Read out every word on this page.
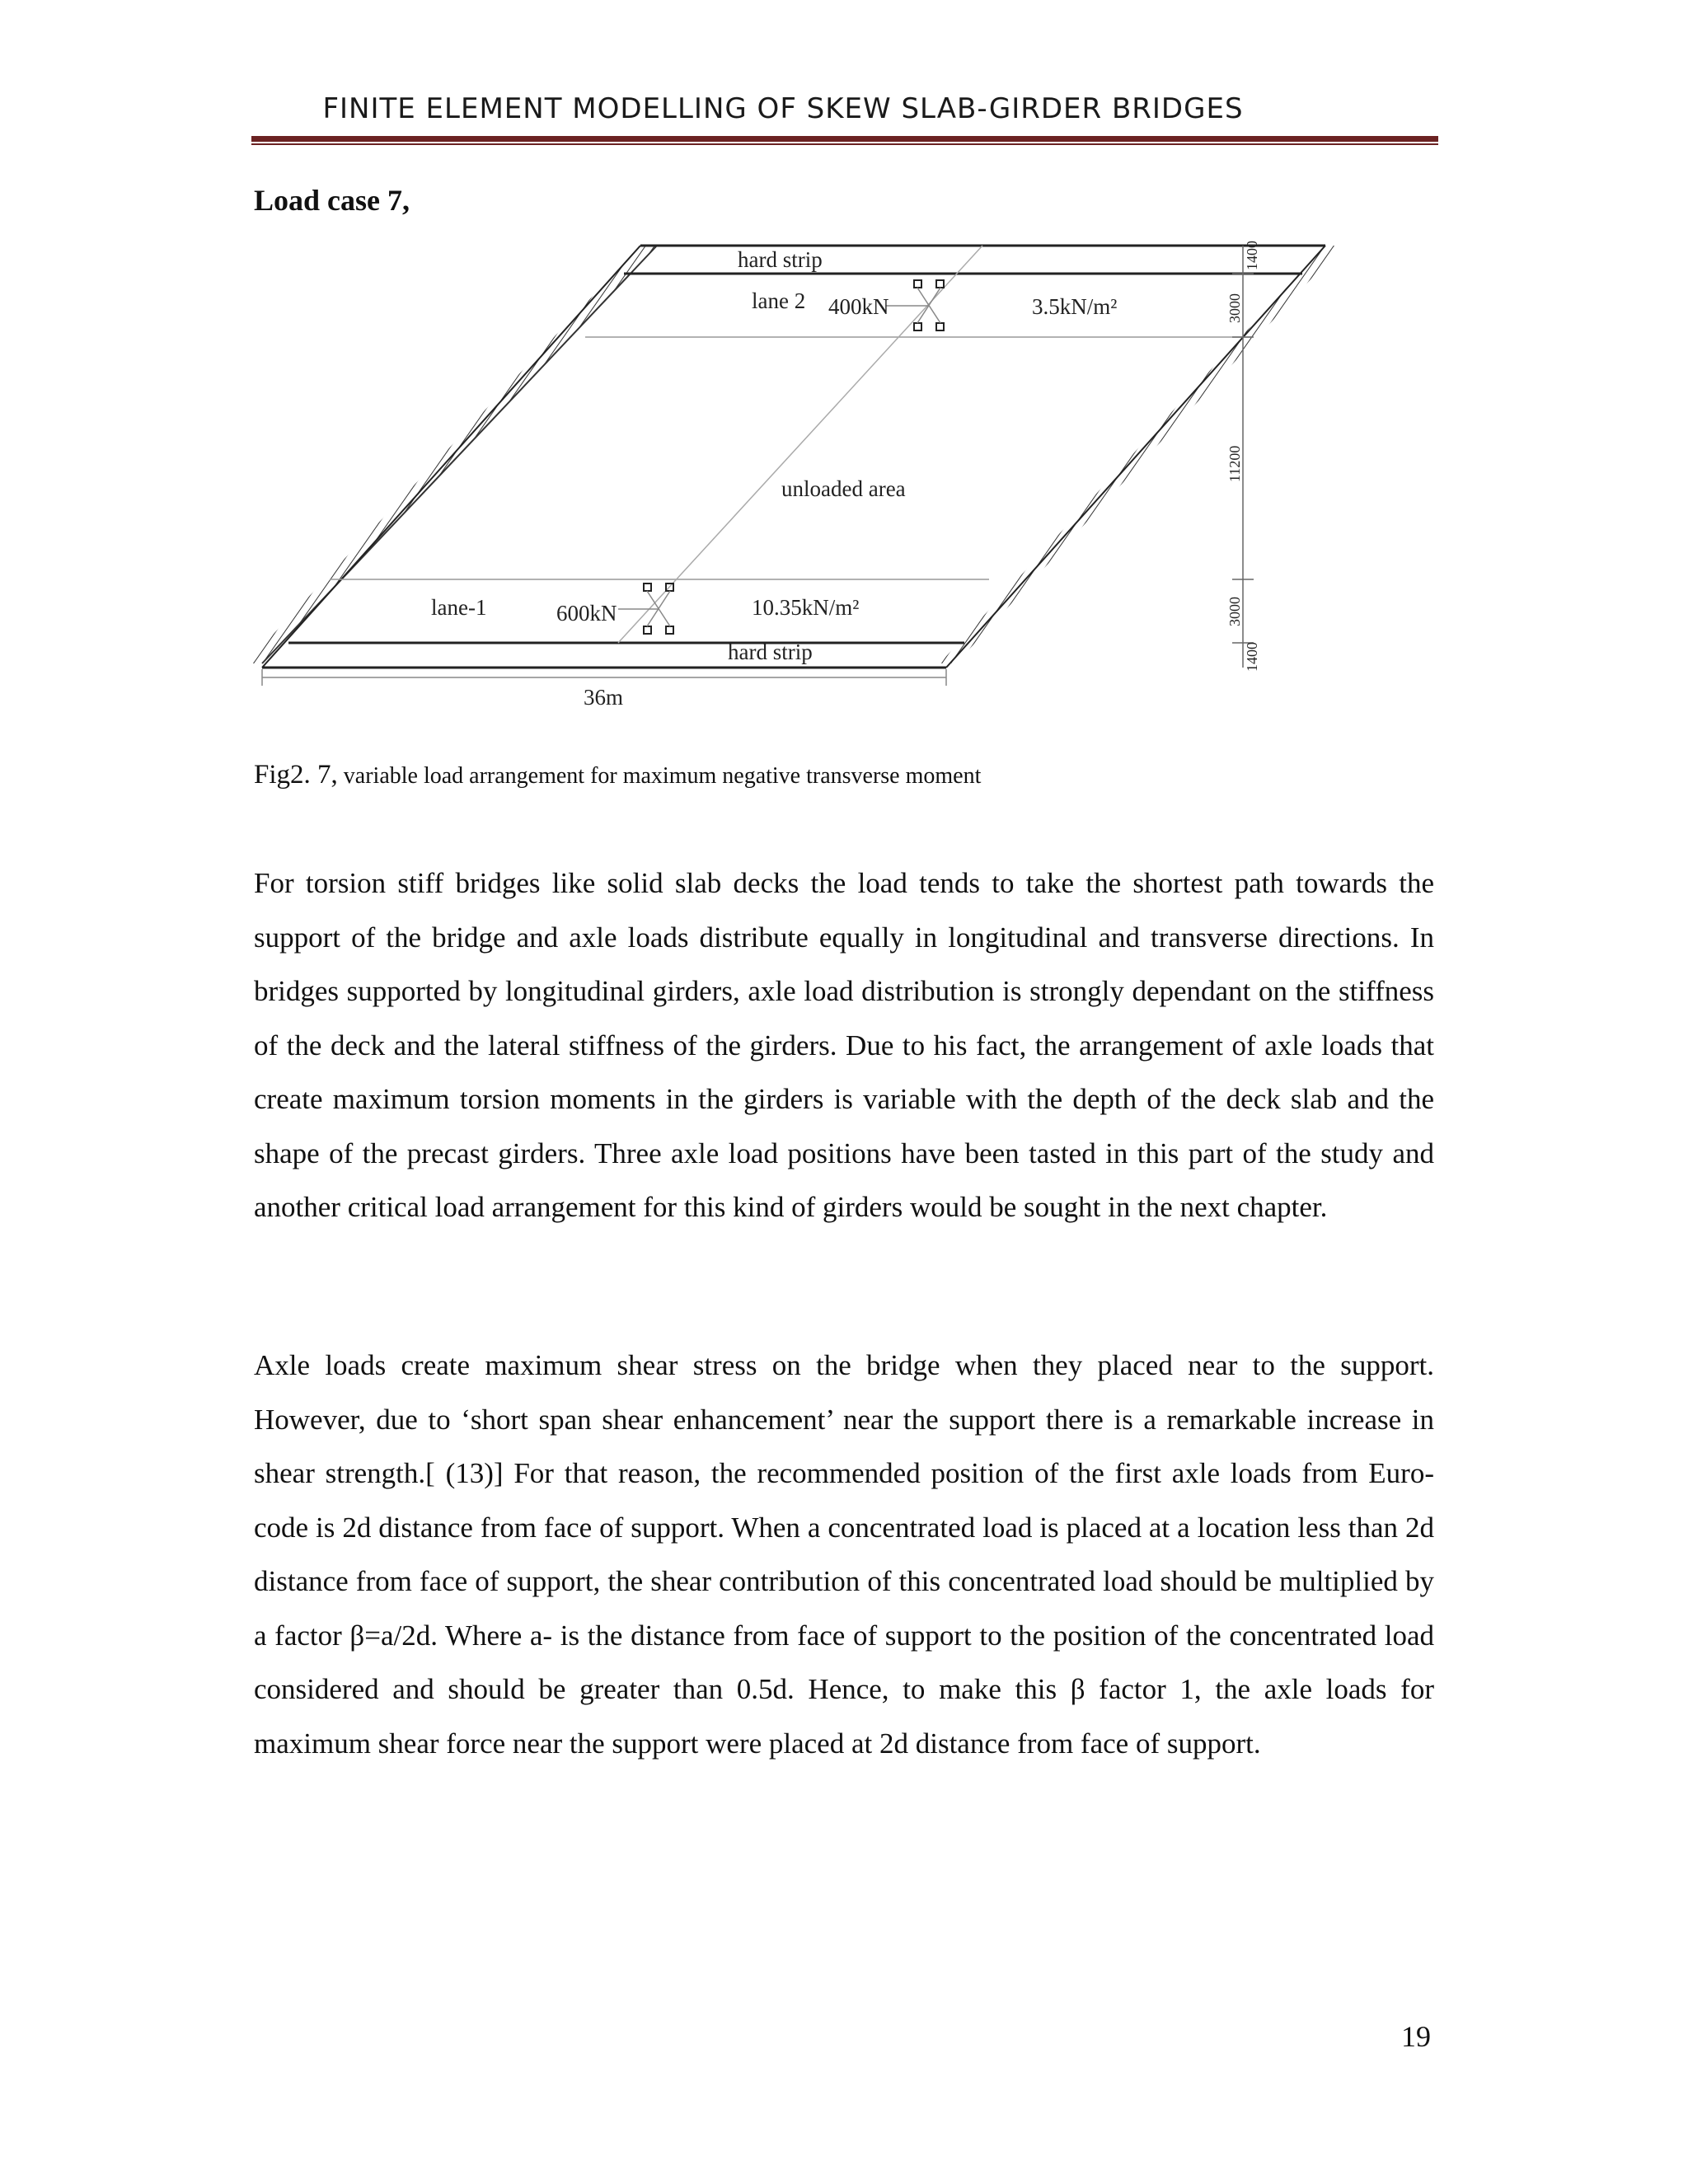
FINITE ELEMENT MODELLING OF SKEW SLAB-GIRDER BRIDGES
Load case 7,
hard strip
lane 2 400kN	3.5kN/m²
unloaded area
lane-1	600kN	10.35kN/m²
hard strip
36m
1400
3000
11200
3000
1400
Fig2. 7, variable load arrangement for maximum negative transverse moment

For torsion stiff bridges like solid slab decks the load tends to take the shortest path towards the support of the bridge and axle loads distribute equally in longitudinal and transverse directions. In bridges supported by longitudinal girders, axle load distribution is strongly dependant on the stiffness of the deck and the lateral stiffness of the girders. Due to his fact, the arrangement of axle loads that create maximum torsion moments in the girders is variable with the depth of the deck slab and the shape of the precast girders. Three axle load positions have been tasted in this part of the study and another critical load arrangement for this kind of girders would be sought in the next chapter.

Axle loads create maximum shear stress on the bridge when they placed near to the support. However, due to ‘short span shear enhancement’ near the support there is a remarkable increase in shear strength.[ (13)] For that reason, the recommended position of the first axle loads from Euro-code is 2d distance from face of support. When a concentrated load is placed at a location less than 2d distance from face of support, the shear contribution of this concentrated load should be multiplied by a factor β=a/2d. Where a- is the distance from face of support to the position of the concentrated load considered and should be greater than 0.5d. Hence, to make this β factor 1, the axle loads for maximum shear force near the support were placed at 2d distance from face of support.

19
